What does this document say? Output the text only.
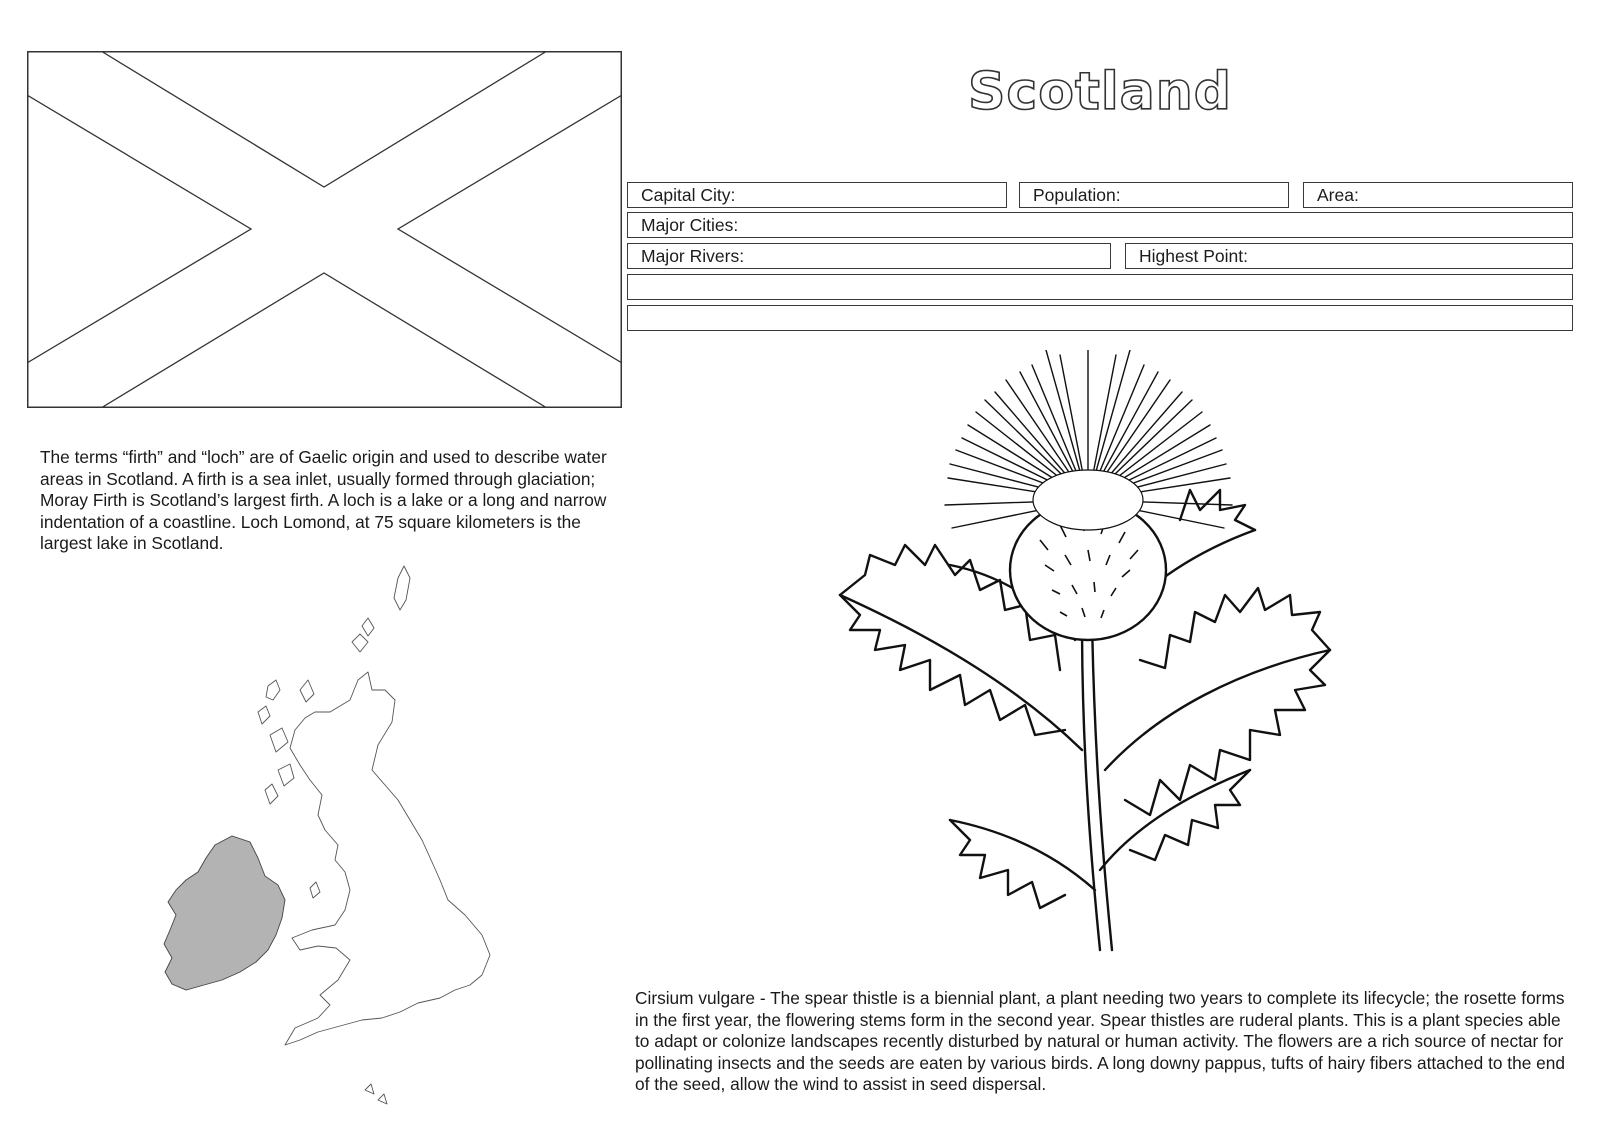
Scotland
Capital City:	Population:	Area:
Major Cities:
Major Rivers:	Highest Point:
The terms “firth” and “loch” are of Gaelic origin and used to describe water areas in Scotland. A firth is a sea inlet, usually formed through glaciation; Moray Firth is Scotland’s largest firth. A loch is a lake or a long and narrow indentation of a coastline. Loch Lomond, at 75 square kilometers is the largest lake in Scotland.
Cirsium vulgare - The spear thistle is a biennial plant, a plant needing two years to complete its lifecycle; the rosette forms in the first year, the flowering stems form in the second year. Spear thistles are ruderal plants. This is a plant species able to adapt or colonize landscapes recently disturbed by natural or human activity. The flowers are a rich source of nectar for pollinating insects and the seeds are eaten by various birds. A long downy pappus, tufts of hairy fibers attached to the end of the seed, allow the wind to assist in seed dispersal.
